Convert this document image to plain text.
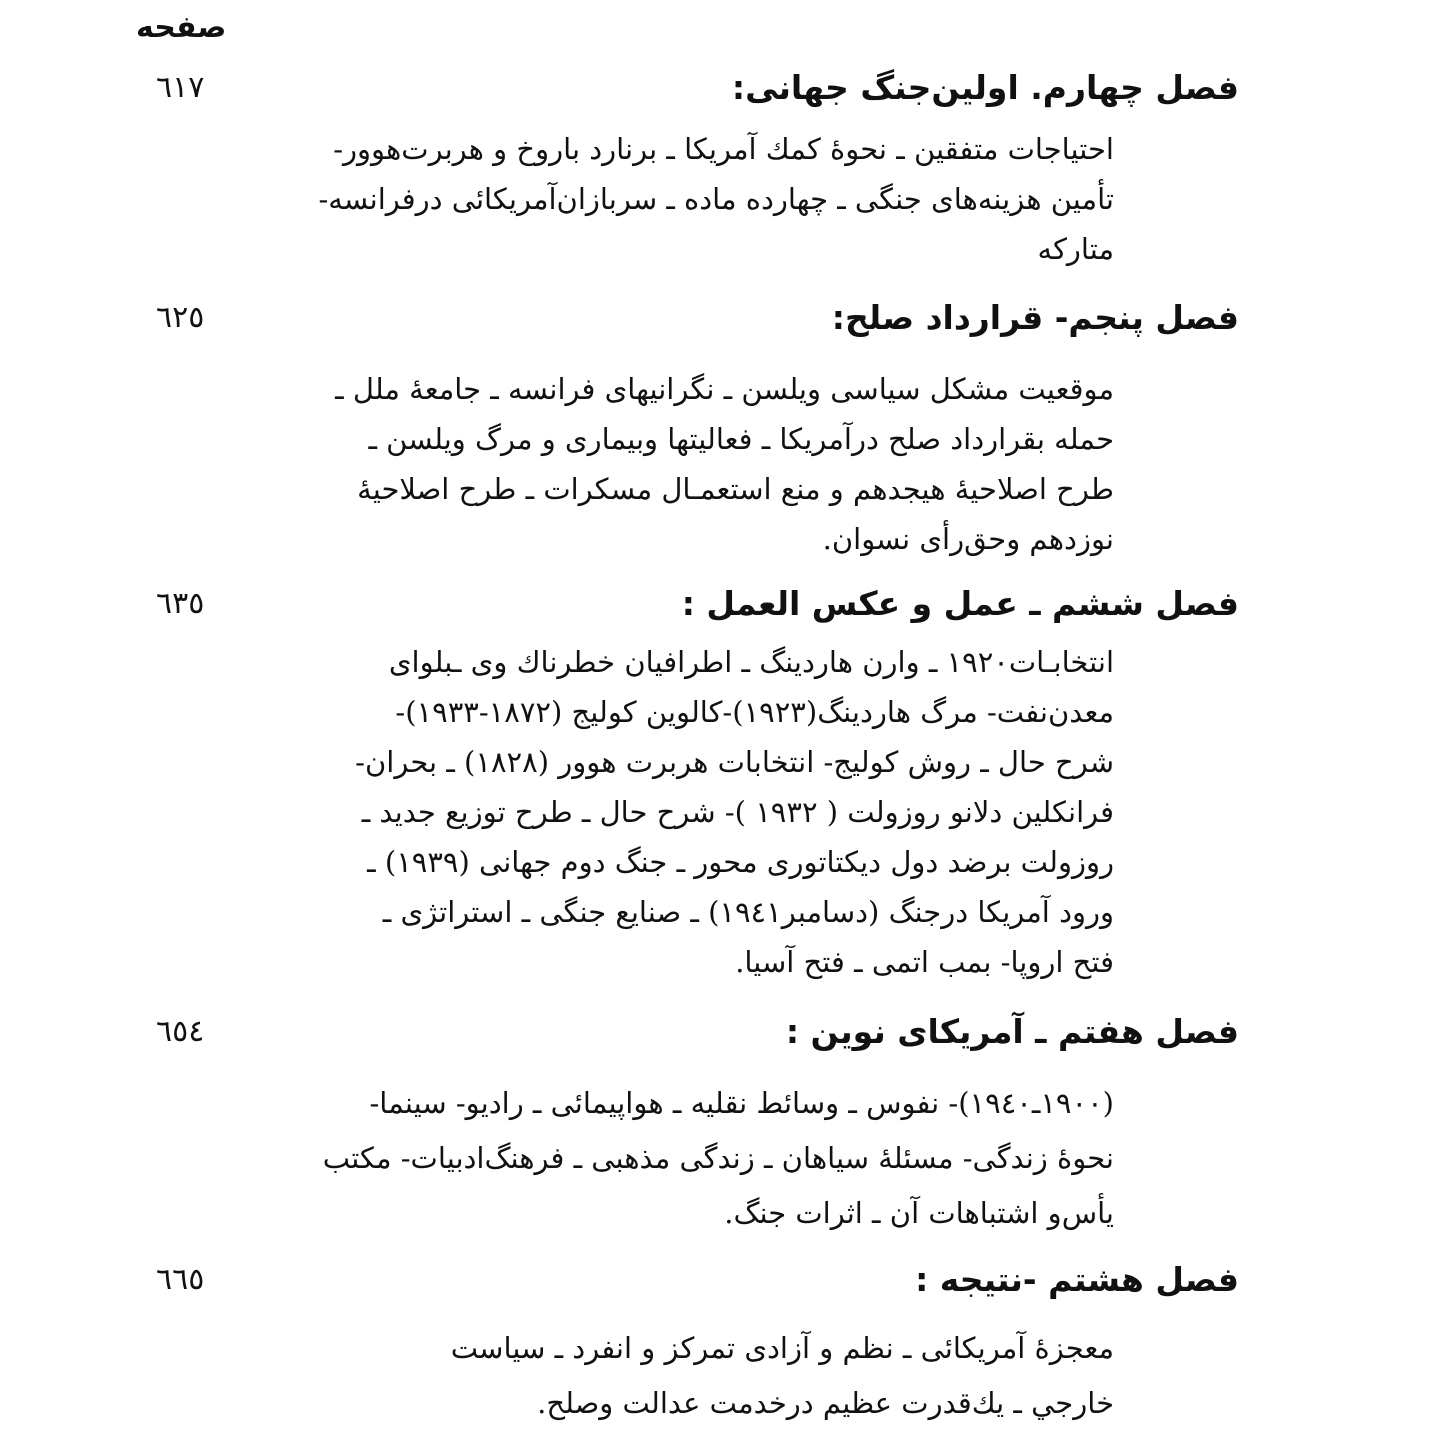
صفحه
فصل چهارم. اولین‌جنگ جهانی:
٦١٧
احتیاجات متفقین ـ نحوهٔ کمك آمریکا ـ برنارد باروخ و هربرت‌هوور-
تأمین هزینه‌های جنگی ـ چهارده ماده ـ سربازان‌آمریکائی درفرانسه-
متارکه
فصل پنجم- قرارداد صلح:
٦٢٥
موقعیت مشکل سیاسی ویلسن ـ نگرانیهای فرانسه ـ جامعهٔ ملل ـ
حمله بقرارداد صلح درآمریکا ـ فعالیتها وبیماری و مرگ ویلسن ـ
طرح اصلاحیهٔ هیجدهم و منع استعمـال مسکرات ـ طرح اصلاحیهٔ
نوزدهم وحق‌رأی نسوان.
فصل ششم ـ عمل و عکس العمل :
٦٣٥
انتخابـات۱۹۲۰ ـ وارن هاردینگ ـ اطرافیان خطرناك وی ـبلوای
معدن‌نفت- مرگ هاردینگ(۱۹۲۳)-کالوین کولیج (۱۸۷۲-۱۹۳۳)-
شرح حال ـ روش کولیج- انتخابات هربرت هوور (۱۸۲۸) ـ بحران-
فرانکلین دلانو روزولت ( ۱۹۳۲ )- شرح حال ـ طرح توزیع جدید ـ
روزولت برضد دول دیکتاتوری محور ـ جنگ دوم جهانی (۱۹۳۹) ـ
ورود آمریکا درجنگ (دسامبر۱۹٤۱) ـ صنایع جنگی ـ استراتژی ـ
فتح اروپا- بمب اتمی ـ فتح آسیا.
فصل هفتم ـ آمریکای نوین :
٦٥٤
(۱۹۰۰ـ۱۹٤۰)- نفوس ـ وسائط نقلیه ـ هواپیمائی ـ رادیو- سینما-
نحوهٔ زندگی- مسئلهٔ سیاهان ـ زندگی مذهبی ـ فرهنگ‌ادبیات- مکتب
یأس‌و اشتباهات آن ـ اثرات جنگ.
فصل هشتم -نتیجه :
٦٦٥
معجزهٔ آمریکائی ـ نظم و آزادی تمرکز و انفرد ـ سیاست
خارجي ـ يك‌قدرت عظیم درخدمت عدالت وصلح.
